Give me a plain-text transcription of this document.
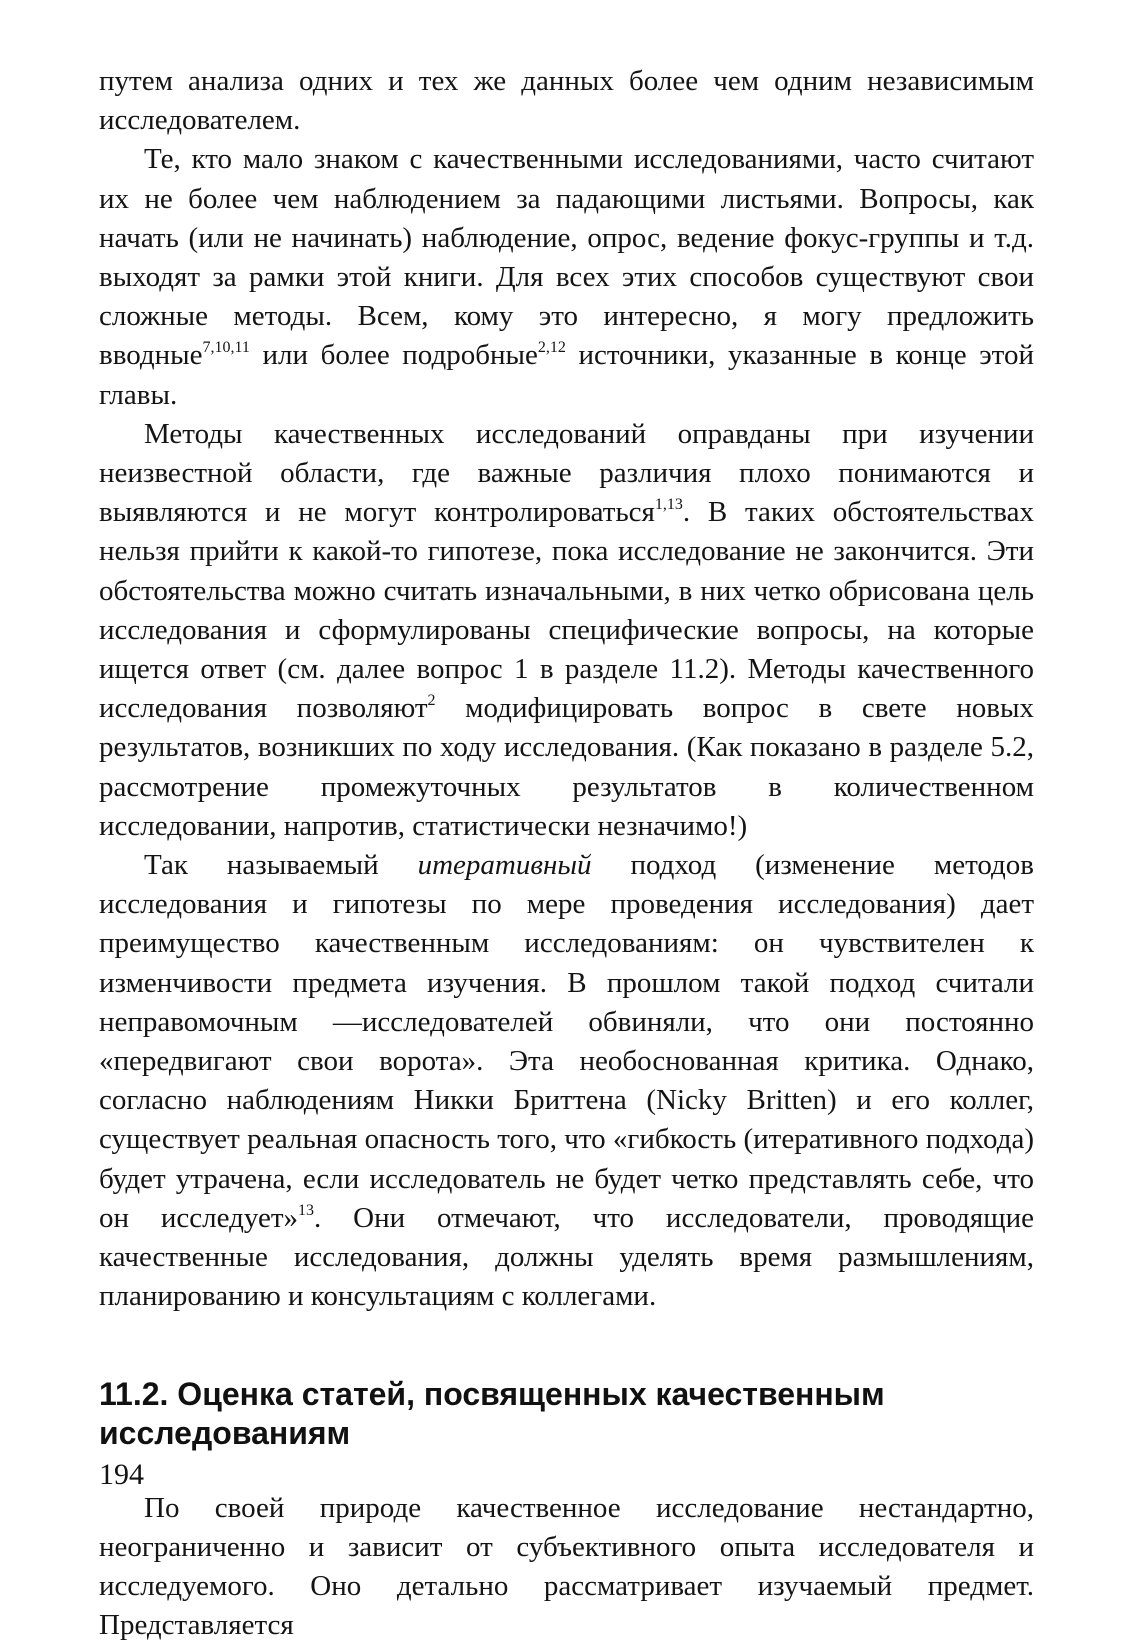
путем анализа одних и тех же данных более чем одним независимым исследователем.

Те, кто мало знаком с качественными исследованиями, часто считают их не более чем наблюдением за падающими листьями. Вопросы, как начать (или не начинать) наблюдение, опрос, ведение фокус-группы и т.д. выходят за рамки этой книги. Для всех этих способов существуют свои сложные методы. Всем, кому это интересно, я могу предложить вводные$^{7,10,11}$ или более подробные$^{2,12}$ источники, указанные в конце этой главы.

Методы качественных исследований оправданы при изучении неизвестной области, где важные различия плохо понимаются и выявляются и не могут контролироваться$^{1,13}$. В таких обстоятельствах нельзя прийти к какой-то гипотезе, пока исследование не закончится. Эти обстоятельства можно считать изначальными, в них четко обрисована цель исследования и сформулированы специфические вопросы, на которые ищется ответ (см. далее вопрос 1 в разделе 11.2). Методы качественного исследования позволяют$^2$ модифицировать вопрос в свете новых результатов, возникших по ходу исследования. (Как показано в разделе 5.2, рассмотрение промежуточных результатов в количественном исследовании, напротив, статистически незначимо!)

Так называемый итеративный подход (изменение методов исследования и гипотезы по мере проведения исследования) дает преимущество качественным исследованиям: он чувствителен к изменчивости предмета изучения. В прошлом такой подход считали неправомочным —исследователей обвиняли, что они постоянно «передвигают свои ворота». Эта необоснованная критика. Однако, согласно наблюдениям Никки Бриттена (Nicky Britten) и его коллег, существует реальная опасность того, что «гибкость (итеративного подхода) будет утрачена, если исследователь не будет четко представлять себе, что он исследует»$^{13}$. Они отмечают, что исследователи, проводящие качественные исследования, должны уделять время размышлениям, планированию и консультациям с коллегами.

11.2. Оценка статей, посвященных качественным исследованиям

По своей природе качественное исследование нестандартно, неограниченно и зависит от субъективного опыта исследователя и исследуемого. Оно детально рассматривает изучаемый предмет. Представляется

194
